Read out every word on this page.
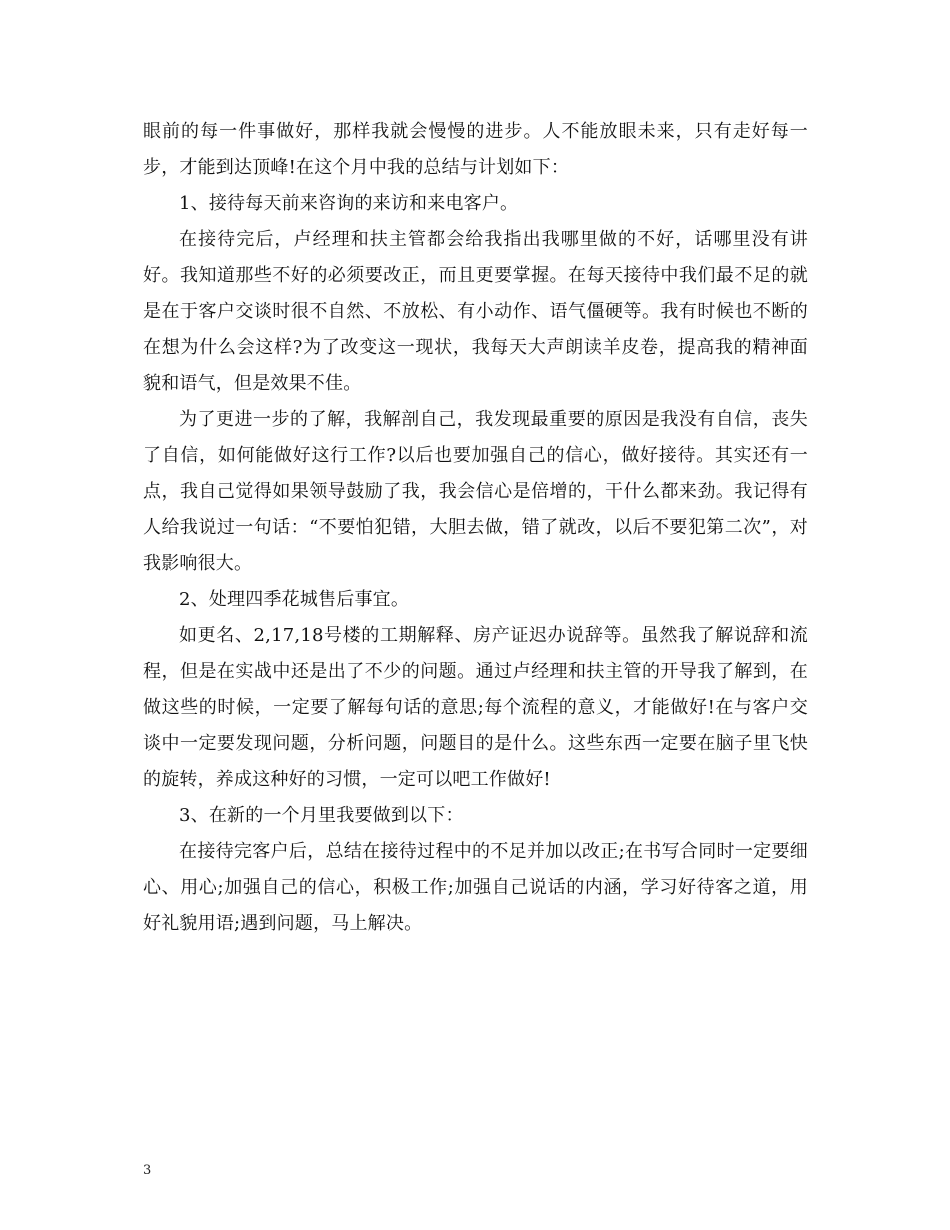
眼前的每一件事做好，那样我就会慢慢的进步。人不能放眼未来，只有走好每一步，才能到达顶峰!在这个月中我的总结与计划如下：

1、接待每天前来咨询的来访和来电客户。

在接待完后，卢经理和扶主管都会给我指出我哪里做的不好，话哪里没有讲好。我知道那些不好的必须要改正，而且更要掌握。在每天接待中我们最不足的就是在于客户交谈时很不自然、不放松、有小动作、语气僵硬等。我有时候也不断的在想为什么会这样?为了改变这一现状，我每天大声朗读羊皮卷，提高我的精神面貌和语气，但是效果不佳。

为了更进一步的了解，我解剖自己，我发现最重要的原因是我没有自信，丧失了自信，如何能做好这行工作?以后也要加强自己的信心，做好接待。其实还有一点，我自己觉得如果领导鼓励了我，我会信心是倍增的，干什么都来劲。我记得有人给我说过一句话：“不要怕犯错，大胆去做，错了就改，以后不要犯第二次”，对我影响很大。

2、处理四季花城售后事宜。

如更名、2,17,18号楼的工期解释、房产证迟办说辞等。虽然我了解说辞和流程，但是在实战中还是出了不少的问题。通过卢经理和扶主管的开导我了解到，在做这些的时候，一定要了解每句话的意思;每个流程的意义，才能做好!在与客户交谈中一定要发现问题，分析问题，问题目的是什么。这些东西一定要在脑子里飞快的旋转，养成这种好的习惯，一定可以吧工作做好!

3、在新的一个月里我要做到以下：

在接待完客户后，总结在接待过程中的不足并加以改正;在书写合同时一定要细心、用心;加强自己的信心，积极工作;加强自己说话的内涵，学习好待客之道，用好礼貌用语;遇到问题，马上解决。

3
